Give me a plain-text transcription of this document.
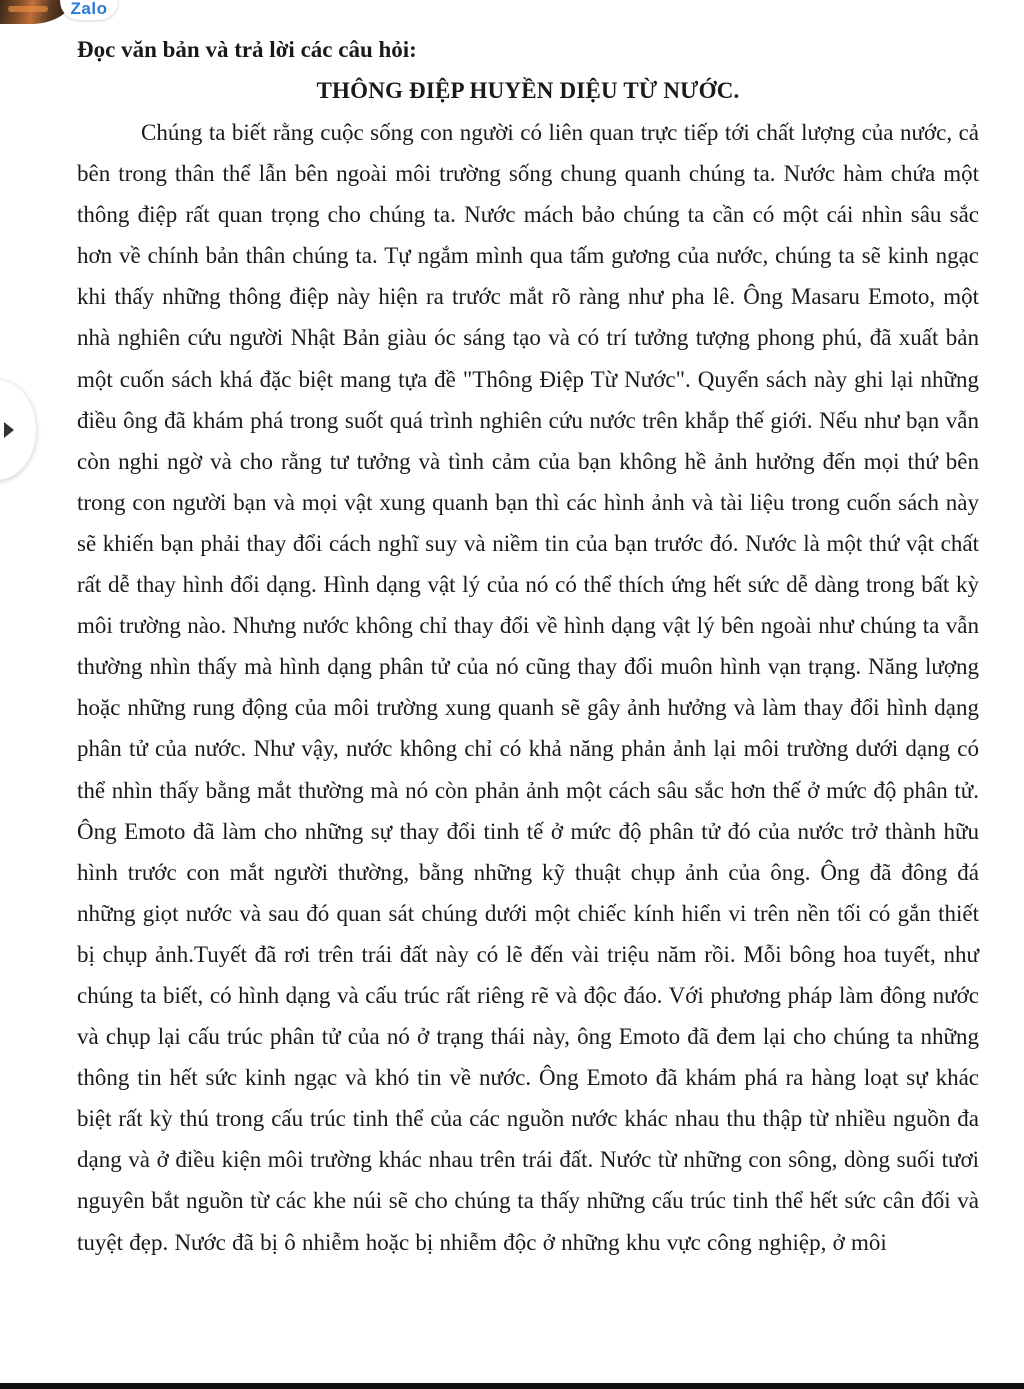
Zalo

Đọc văn bản và trả lời các câu hỏi:

THÔNG ĐIỆP HUYỀN DIỆU TỪ NƯỚC.

Chúng ta biết rằng cuộc sống con người có liên quan trực tiếp tới chất lượng của nước, cả bên trong thân thể lẫn bên ngoài môi trường sống chung quanh chúng ta. Nước hàm chứa một thông điệp rất quan trọng cho chúng ta. Nước mách bảo chúng ta cần có một cái nhìn sâu sắc hơn về chính bản thân chúng ta. Tự ngắm mình qua tấm gương của nước, chúng ta sẽ kinh ngạc khi thấy những thông điệp này hiện ra trước mắt rõ ràng như pha lê. Ông Masaru Emoto, một nhà nghiên cứu người Nhật Bản giàu óc sáng tạo và có trí tưởng tượng phong phú, đã xuất bản một cuốn sách khá đặc biệt mang tựa đề "Thông Điệp Từ Nước". Quyển sách này ghi lại những điều ông đã khám phá trong suốt quá trình nghiên cứu nước trên khắp thế giới. Nếu như bạn vẫn còn nghi ngờ và cho rằng tư tưởng và tình cảm của bạn không hề ảnh hưởng đến mọi thứ bên trong con người bạn và mọi vật xung quanh bạn thì các hình ảnh và tài liệu trong cuốn sách này sẽ khiến bạn phải thay đổi cách nghĩ suy và niềm tin của bạn trước đó. Nước là một thứ vật chất rất dễ thay hình đổi dạng. Hình dạng vật lý của nó có thể thích ứng hết sức dễ dàng trong bất kỳ môi trường nào. Nhưng nước không chỉ thay đổi về hình dạng vật lý bên ngoài như chúng ta vẫn thường nhìn thấy mà hình dạng phân tử của nó cũng thay đổi muôn hình vạn trạng. Năng lượng hoặc những rung động của môi trường xung quanh sẽ gây ảnh hưởng và làm thay đổi hình dạng phân tử của nước. Như vậy, nước không chỉ có khả năng phản ảnh lại môi trường dưới dạng có thể nhìn thấy bằng mắt thường mà nó còn phản ảnh một cách sâu sắc hơn thế ở mức độ phân tử. Ông Emoto đã làm cho những sự thay đổi tinh tế ở mức độ phân tử đó của nước trở thành hữu hình trước con mắt người thường, bằng những kỹ thuật chụp ảnh của ông. Ông đã đông đá những giọt nước và sau đó quan sát chúng dưới một chiếc kính hiển vi trên nền tối có gắn thiết bị chụp ảnh.Tuyết đã rơi trên trái đất này có lẽ đến vài triệu năm rồi. Mỗi bông hoa tuyết, như chúng ta biết, có hình dạng và cấu trúc rất riêng rẽ và độc đáo. Với phương pháp làm đông nước và chụp lại cấu trúc phân tử của nó ở trạng thái này, ông Emoto đã đem lại cho chúng ta những thông tin hết sức kinh ngạc và khó tin về nước. Ông Emoto đã khám phá ra hàng loạt sự khác biệt rất kỳ thú trong cấu trúc tinh thể của các nguồn nước khác nhau thu thập từ nhiều nguồn đa dạng và ở điều kiện môi trường khác nhau trên trái đất. Nước từ những con sông, dòng suối tươi nguyên bắt nguồn từ các khe núi sẽ cho chúng ta thấy những cấu trúc tinh thể hết sức cân đối và tuyệt đẹp. Nước đã bị ô nhiễm hoặc bị nhiễm độc ở những khu vực công nghiệp, ở môi
